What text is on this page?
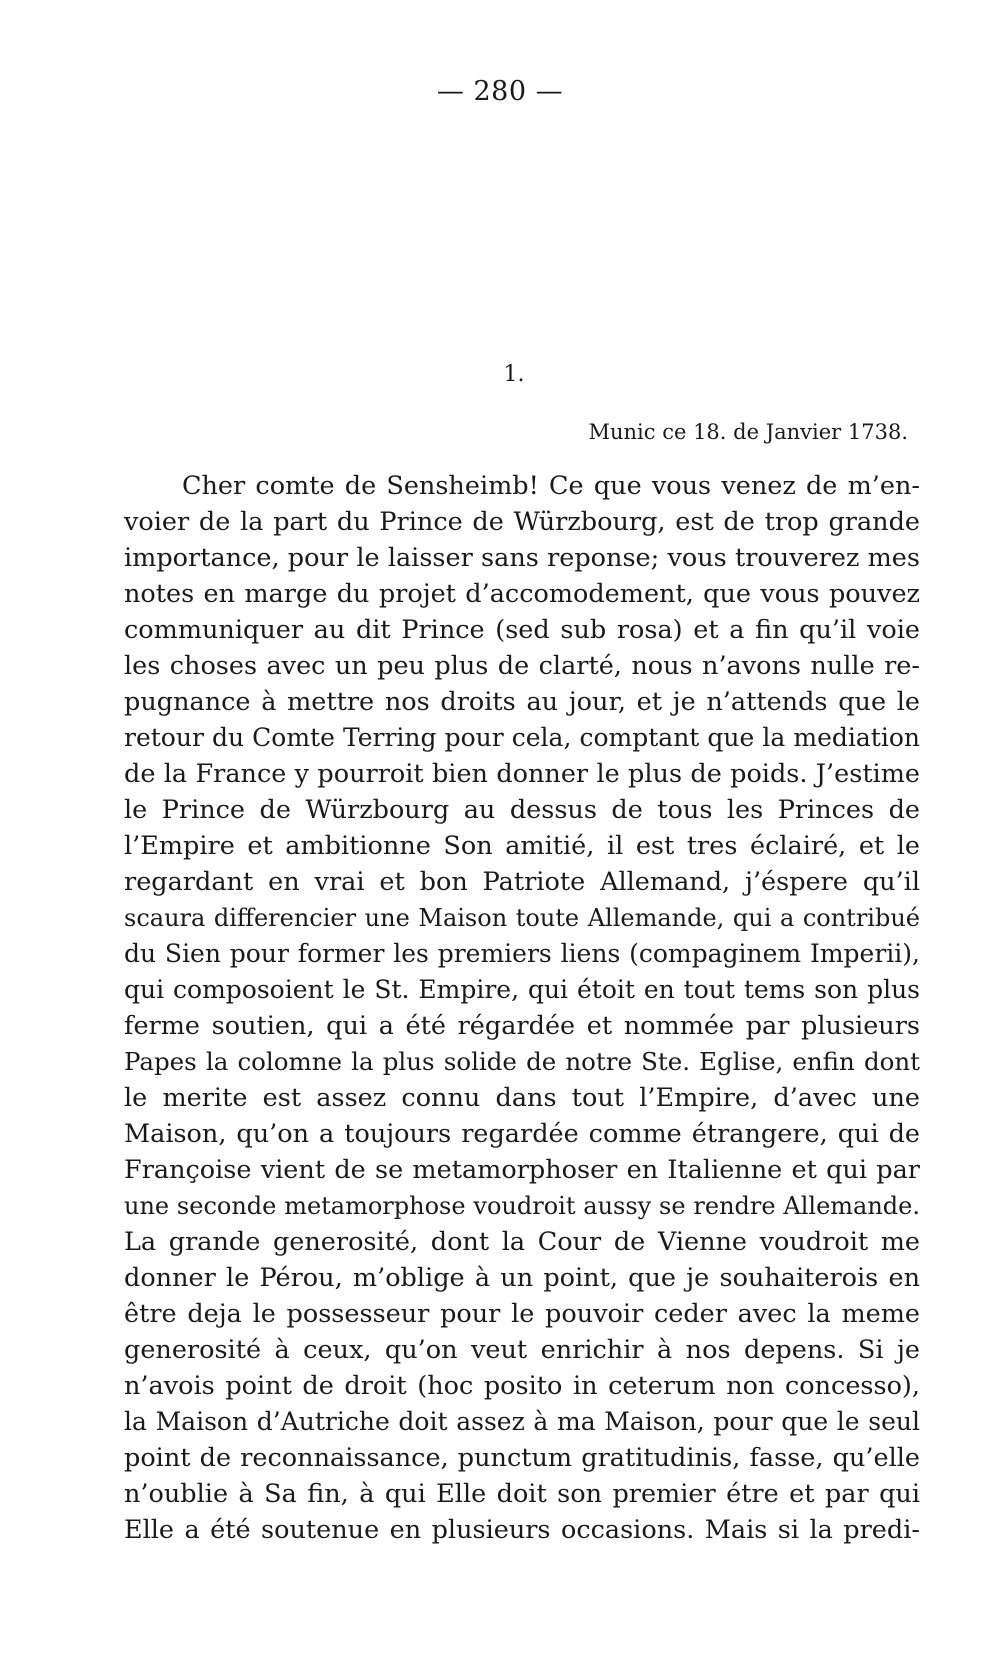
— 280 —
1.
Munic ce 18. de Janvier 1738.
Cher comte de Sensheimb! Ce que vous venez de m’en-
voier de la part du Prince de Würzbourg, est de trop grande
importance, pour le laisser sans reponse; vous trouverez mes
notes en marge du projet d’accomodement, que vous pouvez
communiquer au dit Prince (sed sub rosa) et a fin qu’il voie
les choses avec un peu plus de clarté, nous n’avons nulle re-
pugnance à mettre nos droits au jour, et je n’attends que le
retour du Comte Terring pour cela, comptant que la mediation
de la France y pourroit bien donner le plus de poids. J’estime
le Prince de Würzbourg au dessus de tous les Princes de
l’Empire et ambitionne Son amitié, il est tres éclairé, et le
regardant en vrai et bon Patriote Allemand, j’éspere qu’il
scaura differencier une Maison toute Allemande, qui a contribué
du Sien pour former les premiers liens (compaginem Imperii),
qui composoient le St. Empire, qui étoit en tout tems son plus
ferme soutien, qui a été régardée et nommée par plusieurs
Papes la colomne la plus solide de notre Ste. Eglise, enfin dont
le merite est assez connu dans tout l’Empire, d’avec une
Maison, qu’on a toujours regardée comme étrangere, qui de
Françoise vient de se metamorphoser en Italienne et qui par
une seconde metamorphose voudroit aussy se rendre Allemande.
La grande generosité, dont la Cour de Vienne voudroit me
donner le Pérou, m’oblige à un point, que je souhaiterois en
être deja le possesseur pour le pouvoir ceder avec la meme
generosité à ceux, qu’on veut enrichir à nos depens. Si je
n’avois point de droit (hoc posito in ceterum non concesso),
la Maison d’Autriche doit assez à ma Maison, pour que le seul
point de reconnaissance, punctum gratitudinis, fasse, qu’elle
n’oublie à Sa fin, à qui Elle doit son premier étre et par qui
Elle a été soutenue en plusieurs occasions. Mais si la predi-
